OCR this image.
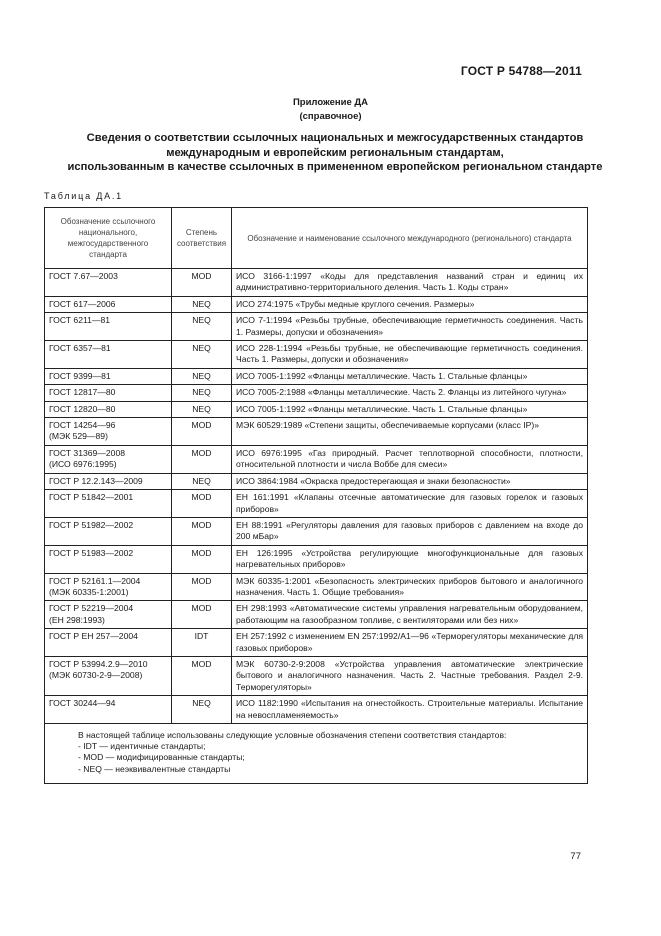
ГОСТ Р 54788—2011
Приложение ДА
(справочное)
Сведения о соответствии ссылочных национальных и межгосударственных стандартов
международным и европейским региональным стандартам,
использованным в качестве ссылочных в примененном европейском региональном стандарте
Таблица ДА.1
Обозначение ссылочного национального, межгосударственного стандарта	Степень соответствия	Обозначение и наименование ссылочного международного (регионального) стандарта
ГОСТ 7.67—2003	MOD	ИСО 3166-1:1997 «Коды для представления названий стран и единиц их административно-территориального деления. Часть 1. Коды стран»
ГОСТ 617—2006	NEQ	ИСО 274:1975 «Трубы медные круглого сечения. Размеры»
ГОСТ 6211—81	NEQ	ИСО 7-1:1994 «Резьбы трубные, обеспечивающие герметичность соединения. Часть 1. Размеры, допуски и обозначения»
ГОСТ 6357—81	NEQ	ИСО 228-1:1994 «Резьбы трубные, не обеспечивающие герметичность соединения. Часть 1. Размеры, допуски и обозначения»
ГОСТ 9399—81	NEQ	ИСО 7005-1:1992 «Фланцы металлические. Часть 1. Стальные фланцы»
ГОСТ 12817—80	NEQ	ИСО 7005-2:1988 «Фланцы металлические. Часть 2. Фланцы из литейного чугуна»
ГОСТ 12820—80	NEQ	ИСО 7005-1:1992 «Фланцы металлические. Часть 1. Стальные фланцы»
ГОСТ 14254—96
(МЭК 529—89)	MOD	МЭК 60529:1989 «Степени защиты, обеспечиваемые корпусами (класс IP)»
ГОСТ 31369—2008
(ИСО 6976:1995)	MOD	ИСО 6976:1995 «Газ природный. Расчет теплотворной способности, плотности, относительной плотности и числа Воббе для смеси»
ГОСТ Р 12.2.143—2009	NEQ	ИСО 3864:1984 «Окраска предостерегающая и знаки безопасности»
ГОСТ Р 51842—2001	MOD	ЕН 161:1991 «Клапаны отсечные автоматические для газовых горелок и газовых приборов»
ГОСТ Р 51982—2002	MOD	ЕН 88:1991 «Регуляторы давления для газовых приборов с давлением на входе до 200 мБар»
ГОСТ Р 51983—2002	MOD	ЕН 126:1995 «Устройства регулирующие многофункциональные для газовых нагревательных приборов»
ГОСТ Р 52161.1—2004
(МЭК 60335-1:2001)	MOD	МЭК 60335-1:2001 «Безопасность электрических приборов бытового и аналогичного назначения. Часть 1. Общие требования»
ГОСТ Р 52219—2004
(ЕН 298:1993)	MOD	ЕН 298:1993 «Автоматические системы управления нагревательным оборудованием, работающим на газообразном топливе, с вентиляторами или без них»
ГОСТ Р ЕН 257—2004	IDT	ЕН 257:1992 с изменением EN 257:1992/A1—96 «Терморегуляторы механические для газовых приборов»
ГОСТ Р 53994.2.9—2010
(МЭК 60730-2-9—2008)	MOD	МЭК 60730-2-9:2008 «Устройства управления автоматические электрические бытового и аналогичного назначения. Часть 2. Частные требования. Раздел 2-9. Терморегуляторы»
ГОСТ 30244—94	NEQ	ИСО 1182:1990 «Испытания на огнестойкость. Строительные материалы. Испытание на невоспламеняемость»

В настоящей таблице использованы следующие условные обозначения степени соответствия стандартов:
- IDT — идентичные стандарты;
- MOD — модифицированные стандарты;
- NEQ — неэквивалентные стандарты		
77
